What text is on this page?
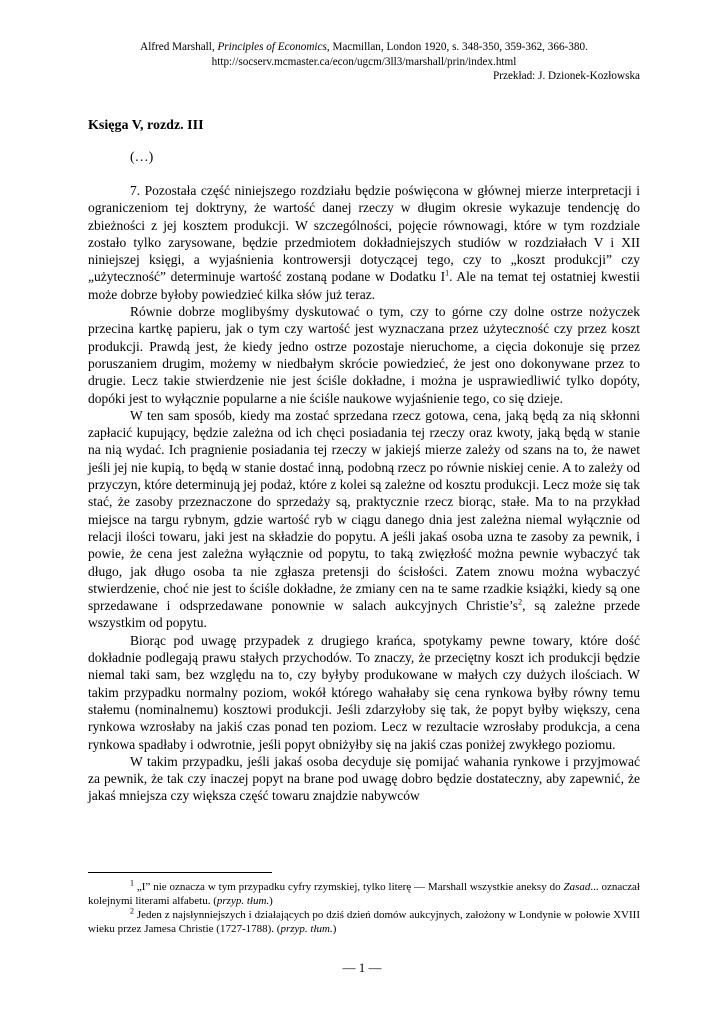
Alfred Marshall, Principles of Economics, Macmillan, London 1920, s. 348-350, 359-362, 366-380.
http://socserv.mcmaster.ca/econ/ugcm/3ll3/marshall/prin/index.html
Przekład: J. Dzionek-Kozłowska
Księga V, rozdz. III
(…)

7. Pozostała część niniejszego rozdziału będzie poświęcona w głównej mierze interpretacji i ograniczeniom tej doktryny, że wartość danej rzeczy w długim okresie wykazuje tendencję do zbieżności z jej kosztem produkcji. W szczególności, pojęcie równowagi, które w tym rozdziale zostało tylko zarysowane, będzie przedmiotem dokładniejszych studiów w rozdziałach V i XII niniejszej księgi, a wyjaśnienia kontrowersji dotyczącej tego, czy to „koszt produkcji” czy „użyteczność” determinuje wartość zostaną podane w Dodatku $I^1$. Ale na temat tej ostatniej kwestii może dobrze byłoby powiedzieć kilka słów już teraz.

Równie dobrze moglibyśmy dyskutować o tym, czy to górne czy dolne ostrze nożyczek przecina kartkę papieru, jak o tym czy wartość jest wyznaczana przez użyteczność czy przez koszt produkcji. Prawdą jest, że kiedy jedno ostrze pozostaje nieruchome, a cięcia dokonuje się przez poruszaniem drugim, możemy w niedbałym skrócie powiedzieć, że jest ono dokonywane przez to drugie. Lecz takie stwierdzenie nie jest ściśle dokładne, i można je usprawiedliwić tylko dopóty, dopóki jest to wyłącznie popularne a nie ściśle naukowe wyjaśnienie tego, co się dzieje.

W ten sam sposób, kiedy ma zostać sprzedana rzecz gotowa, cena, jaką będą za nią skłonni zapłacić kupujący, będzie zależna od ich chęci posiadania tej rzeczy oraz kwoty, jaką będą w stanie na nią wydać. Ich pragnienie posiadania tej rzeczy w jakiejś mierze zależy od szans na to, że nawet jeśli jej nie kupią, to będą w stanie dostać inną, podobną rzecz po równie niskiej cenie. A to zależy od przyczyn, które determinują jej podaż, które z kolei są zależne od kosztu produkcji. Lecz może się tak stać, że zasoby przeznaczone do sprzedaży są, praktycznie rzecz biorąc, stałe. Ma to na przykład miejsce na targu rybnym, gdzie wartość ryb w ciągu danego dnia jest zależna niemal wyłącznie od relacji ilości towaru, jaki jest na składzie do popytu. A jeśli jakaś osoba uzna te zasoby za pewnik, i powie, że cena jest zależna wyłącznie od popytu, to taką zwięzłość można pewnie wybaczyć tak długo, jak długo osoba ta nie zgłasza pretensji do ścisłości. Zatem znowu można wybaczyć stwierdzenie, choć nie jest to ściśle dokładne, że zmiany cen na te same rzadkie książki, kiedy są one sprzedawane i odsprzedawane ponownie w salach aukcyjnych $Christie’s^2$, są zależne przede wszystkim od popytu.

Biorąc pod uwagę przypadek z drugiego krańca, spotykamy pewne towary, które dość dokładnie podlegają prawu stałych przychodów. To znaczy, że przeciętny koszt ich produkcji będzie niemal taki sam, bez względu na to, czy byłyby produkowane w małych czy dużych ilościach. W takim przypadku normalny poziom, wokół którego wahałaby się cena rynkowa byłby równy temu stałemu (nominalnemu) kosztowi produkcji. Jeśli zdarzyłoby się tak, że popyt byłby większy, cena rynkowa wzrosłaby na jakiś czas ponad ten poziom. Lecz w rezultacie wzrosłaby produkcja, a cena rynkowa spadłaby i odwrotnie, jeśli popyt obniżyłby się na jakiś czas poniżej zwykłego poziomu.

W takim przypadku, jeśli jakaś osoba decyduje się pomijać wahania rynkowe i przyjmować za pewnik, że tak czy inaczej popyt na brane pod uwagę dobro będzie dostateczny, aby zapewnić, że jakaś mniejsza czy większa część towaru znajdzie nabywców

$^1$ „I” nie oznacza w tym przypadku cyfry rzymskiej, tylko literę — Marshall wszystkie aneksy do Zasad... oznaczał kolejnymi literami alfabetu. (przyp. tłum.)

$^2$ Jeden z najsłynniejszych i działających po dziś dzień domów aukcyjnych, założony w Londynie w połowie XVIII wieku przez Jamesa Christie (1727-1788). (przyp. tłum.)

— 1 —
